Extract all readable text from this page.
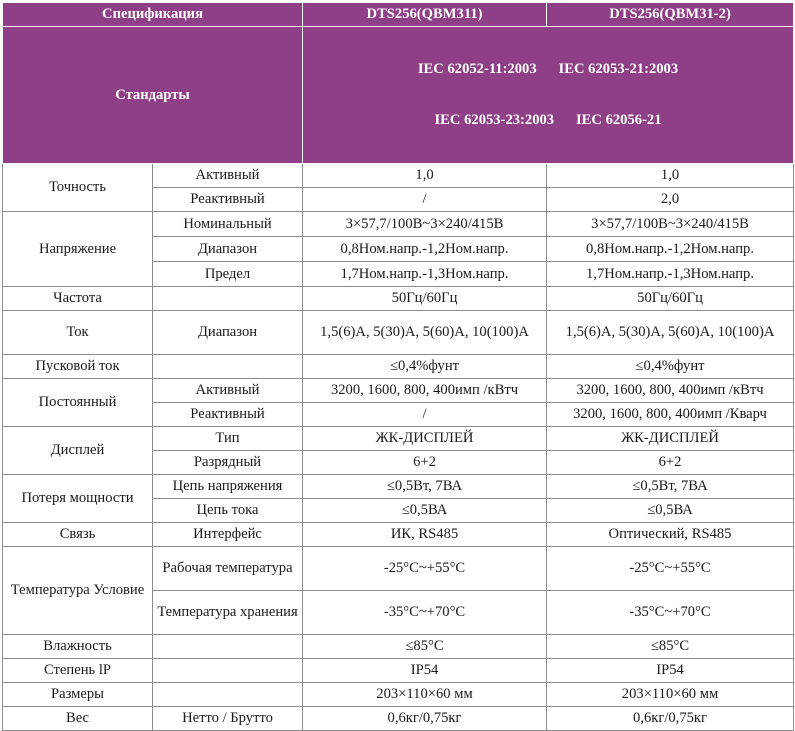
Спецификация		DTS256(QBM311)	DTS256(QBM31-2)
Стандарты		IEC 62052-11:2003      IEC 62053-21:2003

IEC 62053-23:2003      IEC 62056-21	

Точность	Активный	1,0	1,0
	Реактивный	/	2,0
Напряжение	Номинальный	3×57,7/100В~3×240/415В	3×57,7/100В~3×240/415В
	Диапазон	0,8Ном.напр.-1,2Ном.напр.	0,8Ном.напр.-1,2Ном.напр.
	Предел	1,7Ном.напр.-1,3Ном.напр.	1,7Ном.напр.-1,3Ном.напр.
Частота		50Гц/60Гц	50Гц/60Гц
Ток	Диапазон	1,5(6)А, 5(30)А, 5(60)А, 10(100)А	1,5(6)А, 5(30)А, 5(60)А, 10(100)А
Пусковой ток		≤0,4%фунт	≤0,4%фунт
Постоянный	Активный	3200, 1600, 800, 400имп /кВтч	3200, 1600, 800, 400имп /кВтч
	Реактивный	/	3200, 1600, 800, 400имп /Кварч
Дисплей	Тип	ЖК-ДИСПЛЕЙ	ЖК-ДИСПЛЕЙ
	Разрядный	6+2	6+2
Потеря мощности	Цепь напряжения	≤0,5Вт, 7ВА	≤0,5Вт, 7ВА
	Цепь тока	≤0,5ВА	≤0,5ВА
Связь	Интерфейс	ИК, RS485	Оптический, RS485
Температура Условие	Рабочая температура	-25°C~+55°C	-25°C~+55°C
	Температура хранения	-35°C~+70°C	-35°C~+70°C
Влажность		≤85°C	≤85°C
Степень lP		IP54	IP54
Размеры		203×110×60 мм	203×110×60 мм
Вес	Нетто / Брутто	0,6кг/0,75кг	0,6кг/0,75кг
